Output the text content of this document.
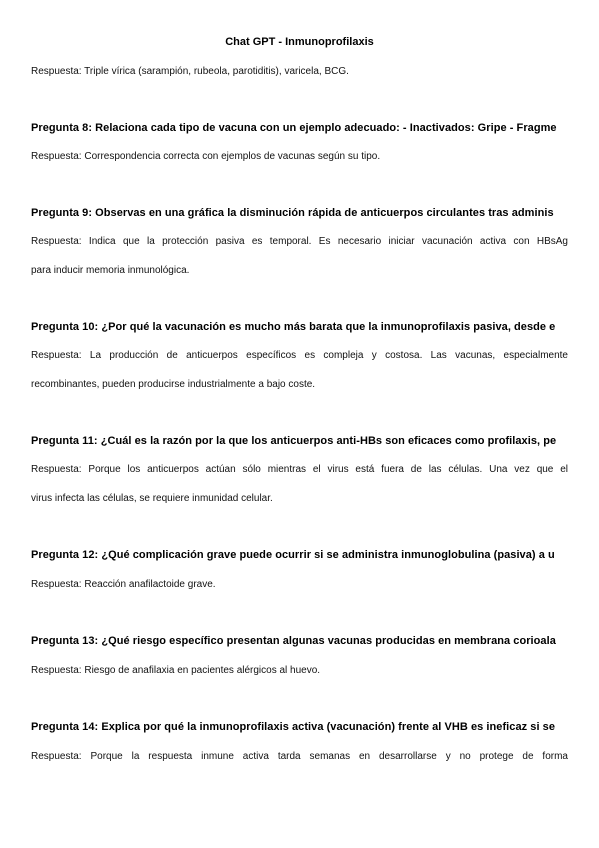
Chat GPT - Inmunoprofilaxis
Respuesta: Triple vírica (sarampión, rubeola, parotiditis), varicela, BCG.
Pregunta 8: Relaciona cada tipo de vacuna con un ejemplo adecuado: - Inactivados: Gripe - Fragme
Respuesta: Correspondencia correcta con ejemplos de vacunas según su tipo.
Pregunta 9: Observas en una gráfica la disminución rápida de anticuerpos circulantes tras adminis
Respuesta: Indica que la protección pasiva es temporal. Es necesario iniciar vacunación activa con HBsAg
para inducir memoria inmunológica.
Pregunta 10: ¿Por qué la vacunación es mucho más barata que la inmunoprofilaxis pasiva, desde e
Respuesta: La producción de anticuerpos específicos es compleja y costosa. Las vacunas, especialmente
recombinantes, pueden producirse industrialmente a bajo coste.
Pregunta 11: ¿Cuál es la razón por la que los anticuerpos anti-HBs son eficaces como profilaxis, pe
Respuesta: Porque los anticuerpos actúan sólo mientras el virus está fuera de las células. Una vez que el
virus infecta las células, se requiere inmunidad celular.
Pregunta 12: ¿Qué complicación grave puede ocurrir si se administra inmunoglobulina (pasiva) a u
Respuesta: Reacción anafilactoide grave.
Pregunta 13: ¿Qué riesgo específico presentan algunas vacunas producidas en membrana corioala
Respuesta: Riesgo de anafilaxia en pacientes alérgicos al huevo.
Pregunta 14: Explica por qué la inmunoprofilaxis activa (vacunación) frente al VHB es ineficaz si se
Respuesta: Porque la respuesta inmune activa tarda semanas en desarrollarse y no protege de forma
